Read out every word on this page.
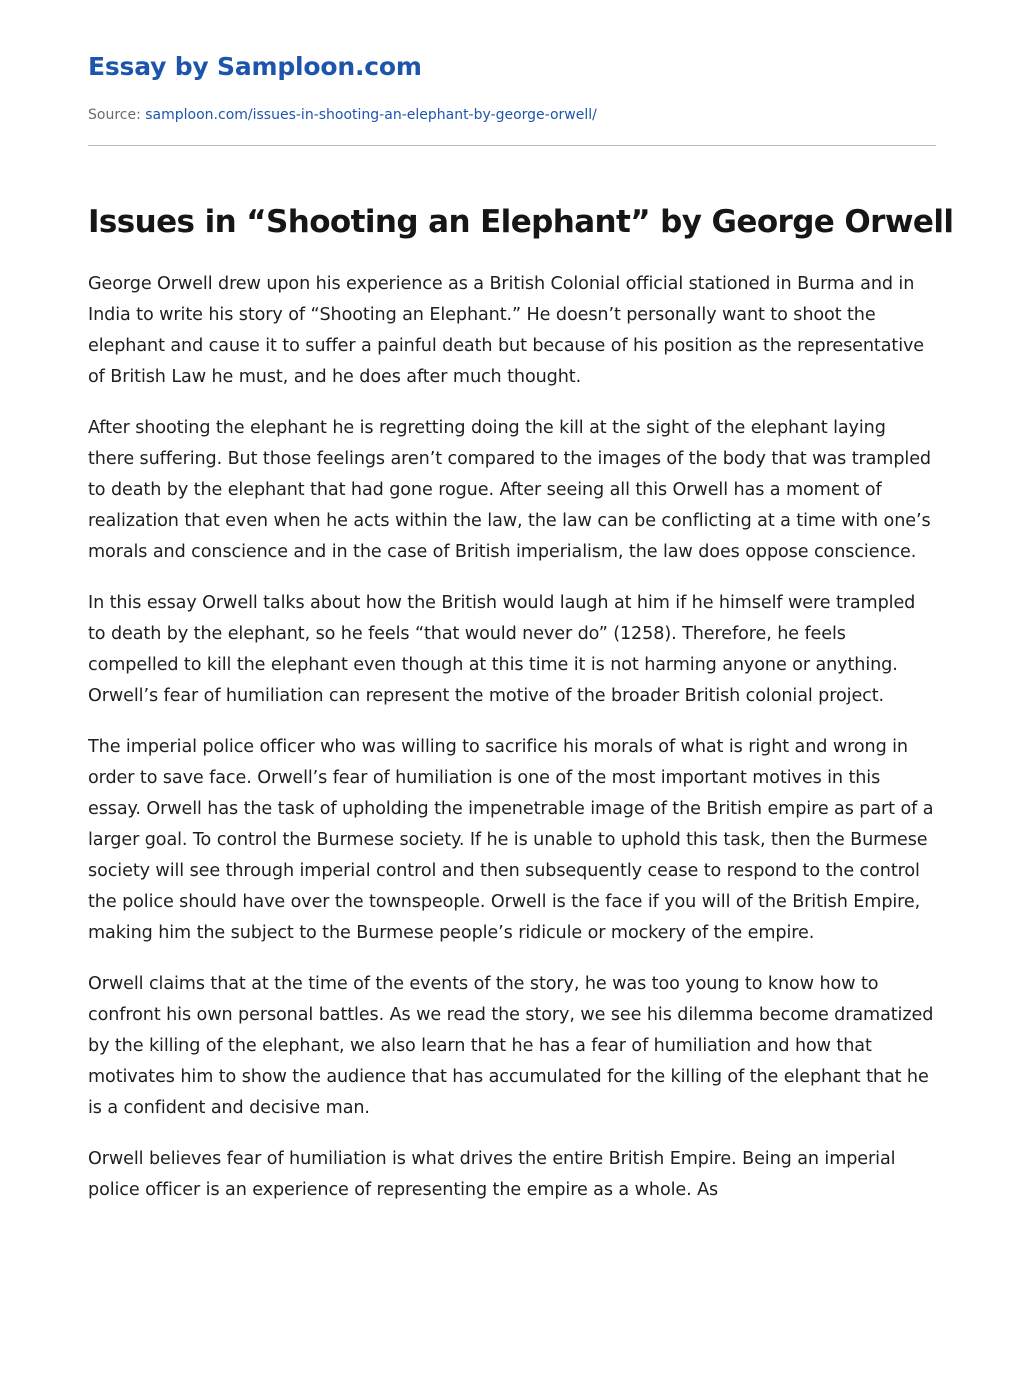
Essay by Samploon.com
Source: samploon.com/issues-in-shooting-an-elephant-by-george-orwell/
Issues in “Shooting an Elephant” by George Orwell

George Orwell drew upon his experience as a British Colonial official stationed in Burma and in India to write his story of “Shooting an Elephant.” He doesn’t personally want to shoot the elephant and cause it to suffer a painful death but because of his position as the representative of British Law he must, and he does after much thought.

After shooting the elephant he is regretting doing the kill at the sight of the elephant laying there suffering. But those feelings aren’t compared to the images of the body that was trampled to death by the elephant that had gone rogue. After seeing all this Orwell has a moment of realization that even when he acts within the law, the law can be conflicting at a time with one’s morals and conscience and in the case of British imperialism, the law does oppose conscience.

In this essay Orwell talks about how the British would laugh at him if he himself were trampled to death by the elephant, so he feels “that would never do” (1258). Therefore, he feels compelled to kill the elephant even though at this time it is not harming anyone or anything. Orwell’s fear of humiliation can represent the motive of the broader British colonial project.

The imperial police officer who was willing to sacrifice his morals of what is right and wrong in order to save face. Orwell’s fear of humiliation is one of the most important motives in this essay. Orwell has the task of upholding the impenetrable image of the British empire as part of a larger goal. To control the Burmese society. If he is unable to uphold this task, then the Burmese society will see through imperial control and then subsequently cease to respond to the control the police should have over the townspeople. Orwell is the face if you will of the British Empire, making him the subject to the Burmese people’s ridicule or mockery of the empire.

Orwell claims that at the time of the events of the story, he was too young to know how to confront his own personal battles. As we read the story, we see his dilemma become dramatized by the killing of the elephant, we also learn that he has a fear of humiliation and how that motivates him to show the audience that has accumulated for the killing of the elephant that he is a confident and decisive man.

Orwell believes fear of humiliation is what drives the entire British Empire. Being an imperial police officer is an experience of representing the empire as a whole. As
